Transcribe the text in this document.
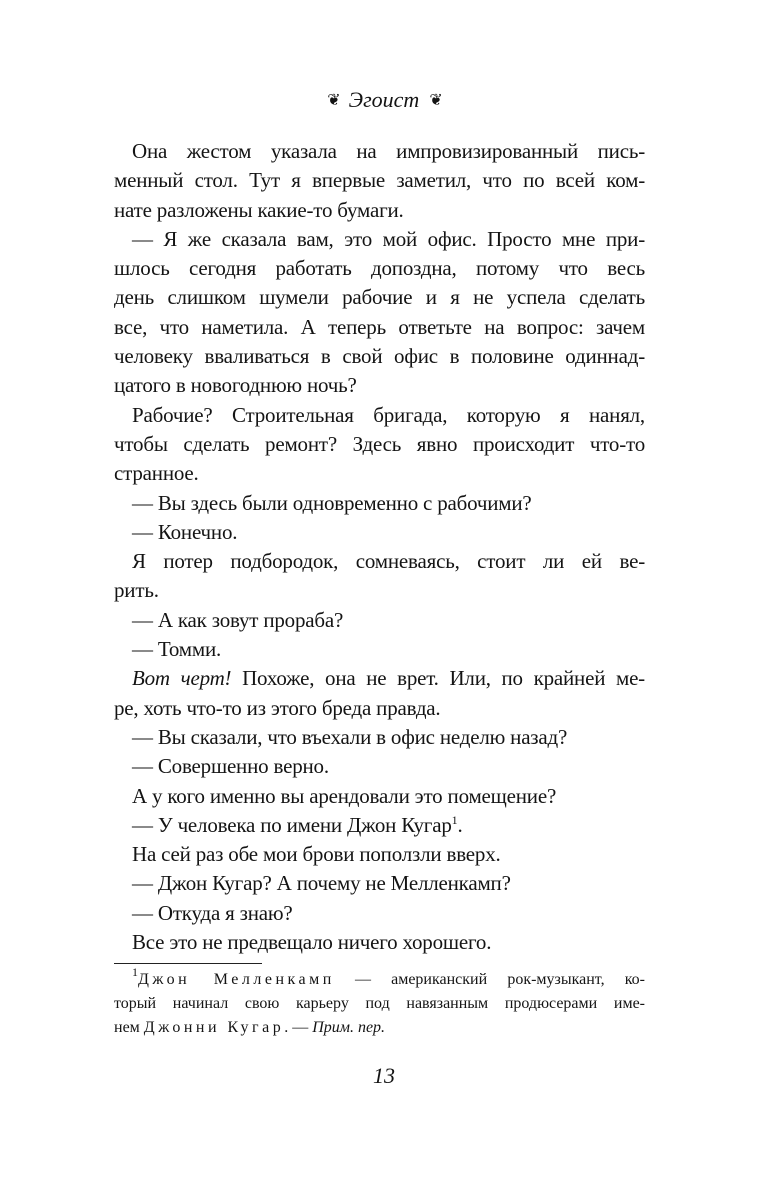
❦ Эгоист ❦
Она жестом указала на импровизированный пись-
менный стол. Тут я впервые заметил, что по всей ком-
нате разложены какие-то бумаги.
— Я же сказала вам, это мой офис. Просто мне при-
шлось сегодня работать допоздна, потому что весь
день слишком шумели рабочие и я не успела сделать
все, что наметила. А теперь ответьте на вопрос: зачем
человеку вваливаться в свой офис в половине одиннад-
цатого в новогоднюю ночь?
Рабочие? Строительная бригада, которую я нанял,
чтобы сделать ремонт? Здесь явно происходит что-то
странное.
— Вы здесь были одновременно с рабочими?
— Конечно.
Я потер подбородок, сомневаясь, стоит ли ей ве-
рить.
— А как зовут прораба?
— Томми.
Вот черт! Похоже, она не врет. Или, по крайней ме-
ре, хоть что-то из этого бреда правда.
— Вы сказали, что въехали в офис неделю назад?
— Совершенно верно.
А у кого именно вы арендовали это помещение?
— У человека по имени Джон Кугар$^1$.
На сей раз обе мои брови поползли вверх.
— Джон Кугар? А почему не Мелленкамп?
— Откуда я знаю?
Все это не предвещало ничего хорошего.
$^1$Джон Мелленкамп — американский рок-музыкант, ко-
торый начинал свою карьеру под навязанным продюсерами име-
нем Джонни Кугар. — Прим. пер.
13
